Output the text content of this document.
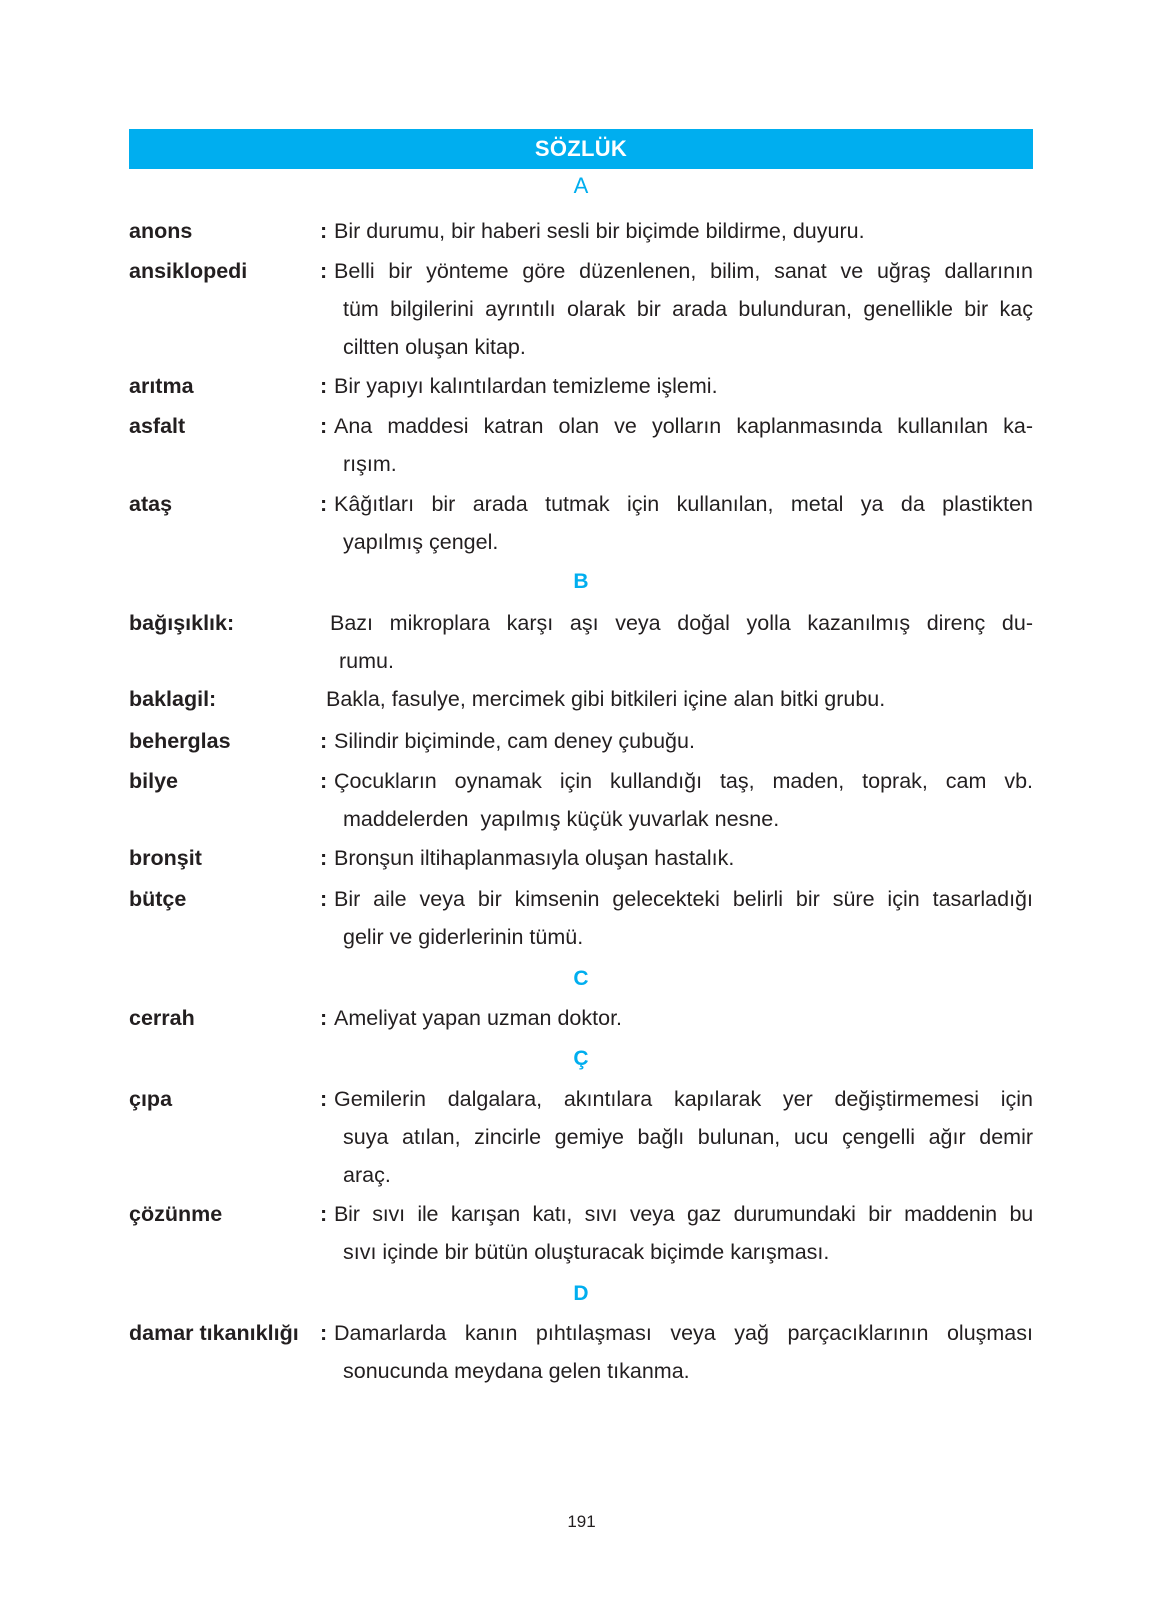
SÖZLÜK
A
anons	: Bir durumu, bir haberi sesli bir biçimde bildirme, duyuru.
ansiklopedi	: Belli bir yönteme göre düzenlenen, bilim, sanat ve uğraş dallarının
tüm bilgilerini ayrıntılı olarak bir arada bulunduran, genellikle bir kaç
ciltten oluşan kitap.
arıtma	: Bir yapıyı kalıntılardan temizleme işlemi.
asfalt	: Ana maddesi katran olan ve yolların kaplanmasında kullanılan ka-
rışım.
ataş	: Kâğıtları bir arada tutmak için kullanılan, metal ya da plastikten
yapılmış çengel.
B
bağışıklık:	Bazı mikroplara karşı aşı veya doğal yolla kazanılmış direnç du-
rumu.
baklagil:	Bakla, fasulye, mercimek gibi bitkileri içine alan bitki grubu.
beherglas	: Silindir biçiminde, cam deney çubuğu.
bilye	: Çocukların oynamak için kullandığı taş, maden, toprak, cam vb.
maddelerden  yapılmış küçük yuvarlak nesne.
bronşit	: Bronşun iltihaplanmasıyla oluşan hastalık.
bütçe	: Bir aile veya bir kimsenin gelecekteki belirli bir süre için tasarladığı
gelir ve giderlerinin tümü.
C
cerrah	: Ameliyat yapan uzman doktor.
Ç
çıpa	: Gemilerin dalgalara, akıntılara kapılarak yer değiştirmemesi için
suya atılan, zincirle gemiye bağlı bulunan, ucu çengelli ağır demir
araç.
çözünme	: Bir sıvı ile karışan katı, sıvı veya gaz durumundaki bir maddenin bu
sıvı içinde bir bütün oluşturacak biçimde karışması.
D
damar tıkanıklığı : Damarlarda kanın pıhtılaşması veya yağ parçacıklarının oluşması
sonucunda meydana gelen tıkanma.
191
